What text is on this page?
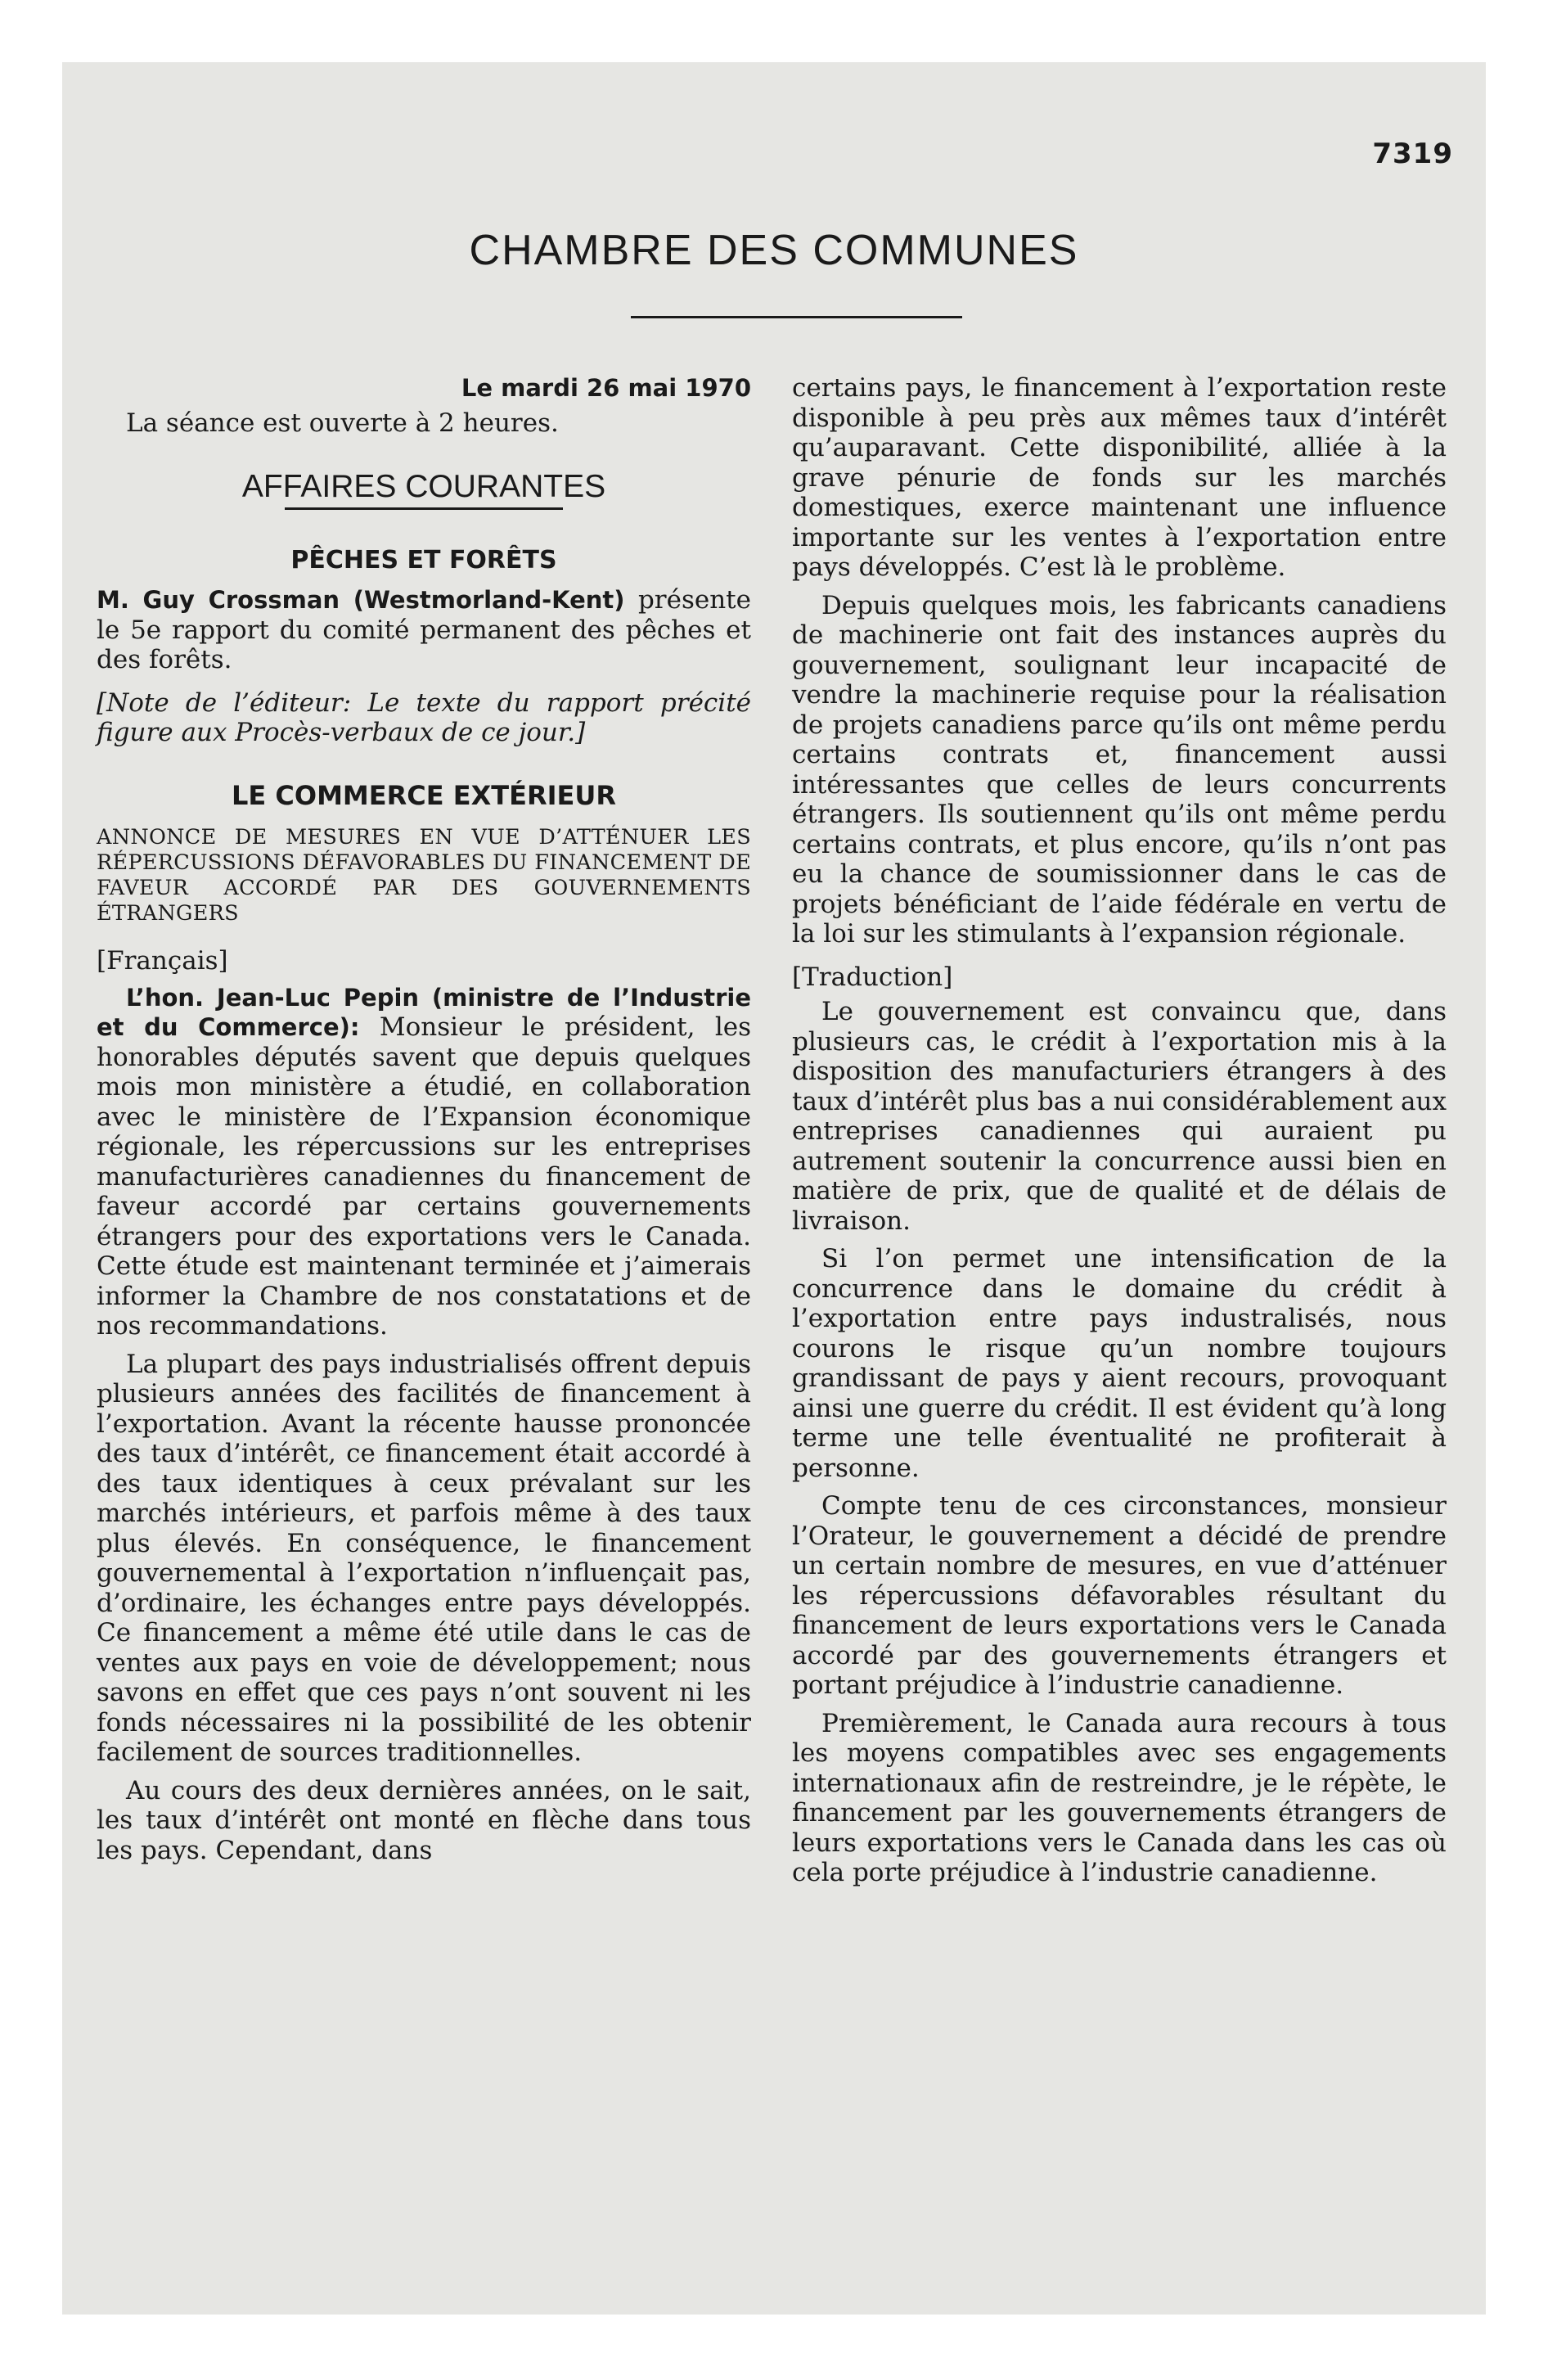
7319
CHAMBRE DES COMMUNES

Le mardi 26 mai 1970

La séance est ouverte à 2 heures.

AFFAIRES COURANTES

PÊCHES ET FORÊTS

M. Guy Crossman (Westmorland-Kent) présente le 5e rapport du comité permanent des pêches et des forêts.

[Note de l’éditeur: Le texte du rapport précité figure aux Procès-verbaux de ce jour.]

LE COMMERCE EXTÉRIEUR

ANNONCE DE MESURES EN VUE D’ATTÉNUER LES RÉPERCUSSIONS DÉFAVORABLES DU FINANCEMENT DE FAVEUR ACCORDÉ PAR DES GOUVERNEMENTS ÉTRANGERS

[Français]

L’hon. Jean-Luc Pepin (ministre de l’Industrie et du Commerce): Monsieur le président, les honorables députés savent que depuis quelques mois mon ministère a étudié, en collaboration avec le ministère de l’Expansion économique régionale, les répercussions sur les entreprises manufacturières canadiennes du financement de faveur accordé par certains gouvernements étrangers pour des exportations vers le Canada. Cette étude est maintenant terminée et j’aimerais informer la Chambre de nos constatations et de nos recommandations.

La plupart des pays industrialisés offrent depuis plusieurs années des facilités de financement à l’exportation. Avant la récente hausse prononcée des taux d’intérêt, ce financement était accordé à des taux identiques à ceux prévalant sur les marchés intérieurs, et parfois même à des taux plus élevés. En conséquence, le financement gouvernemental à l’exportation n’influençait pas, d’ordinaire, les échanges entre pays développés. Ce financement a même été utile dans le cas de ventes aux pays en voie de développement; nous savons en effet que ces pays n’ont souvent ni les fonds nécessaires ni la possibilité de les obtenir facilement de sources traditionnelles.

Au cours des deux dernières années, on le sait, les taux d’intérêt ont monté en flèche dans tous les pays. Cependant, dans

certains pays, le financement à l’exportation reste disponible à peu près aux mêmes taux d’intérêt qu’auparavant. Cette disponibilité, alliée à la grave pénurie de fonds sur les marchés domestiques, exerce maintenant une influence importante sur les ventes à l’exportation entre pays développés. C’est là le problème.

Depuis quelques mois, les fabricants canadiens de machinerie ont fait des instances auprès du gouvernement, soulignant leur incapacité de vendre la machinerie requise pour la réalisation de projets canadiens parce qu’ils ont même perdu certains contrats et, financement aussi intéressantes que celles de leurs concurrents étrangers. Ils soutiennent qu’ils ont même perdu certains contrats, et plus encore, qu’ils n’ont pas eu la chance de soumissionner dans le cas de projets bénéficiant de l’aide fédérale en vertu de la loi sur les stimulants à l’expansion régionale.

[Traduction]

Le gouvernement est convaincu que, dans plusieurs cas, le crédit à l’exportation mis à la disposition des manufacturiers étrangers à des taux d’intérêt plus bas a nui considérablement aux entreprises canadiennes qui auraient pu autrement soutenir la concurrence aussi bien en matière de prix, que de qualité et de délais de livraison.

Si l’on permet une intensification de la concurrence dans le domaine du crédit à l’exportation entre pays industralisés, nous courons le risque qu’un nombre toujours grandissant de pays y aient recours, provoquant ainsi une guerre du crédit. Il est évident qu’à long terme une telle éventualité ne profiterait à personne.

Compte tenu de ces circonstances, monsieur l’Orateur, le gouvernement a décidé de prendre un certain nombre de mesures, en vue d’atténuer les répercussions défavorables résultant du financement de leurs exportations vers le Canada accordé par des gouvernements étrangers et portant préjudice à l’industrie canadienne.

Premièrement, le Canada aura recours à tous les moyens compatibles avec ses engagements internationaux afin de restreindre, je le répète, le financement par les gouvernements étrangers de leurs exportations vers le Canada dans les cas où cela porte préjudice à l’industrie canadienne.
